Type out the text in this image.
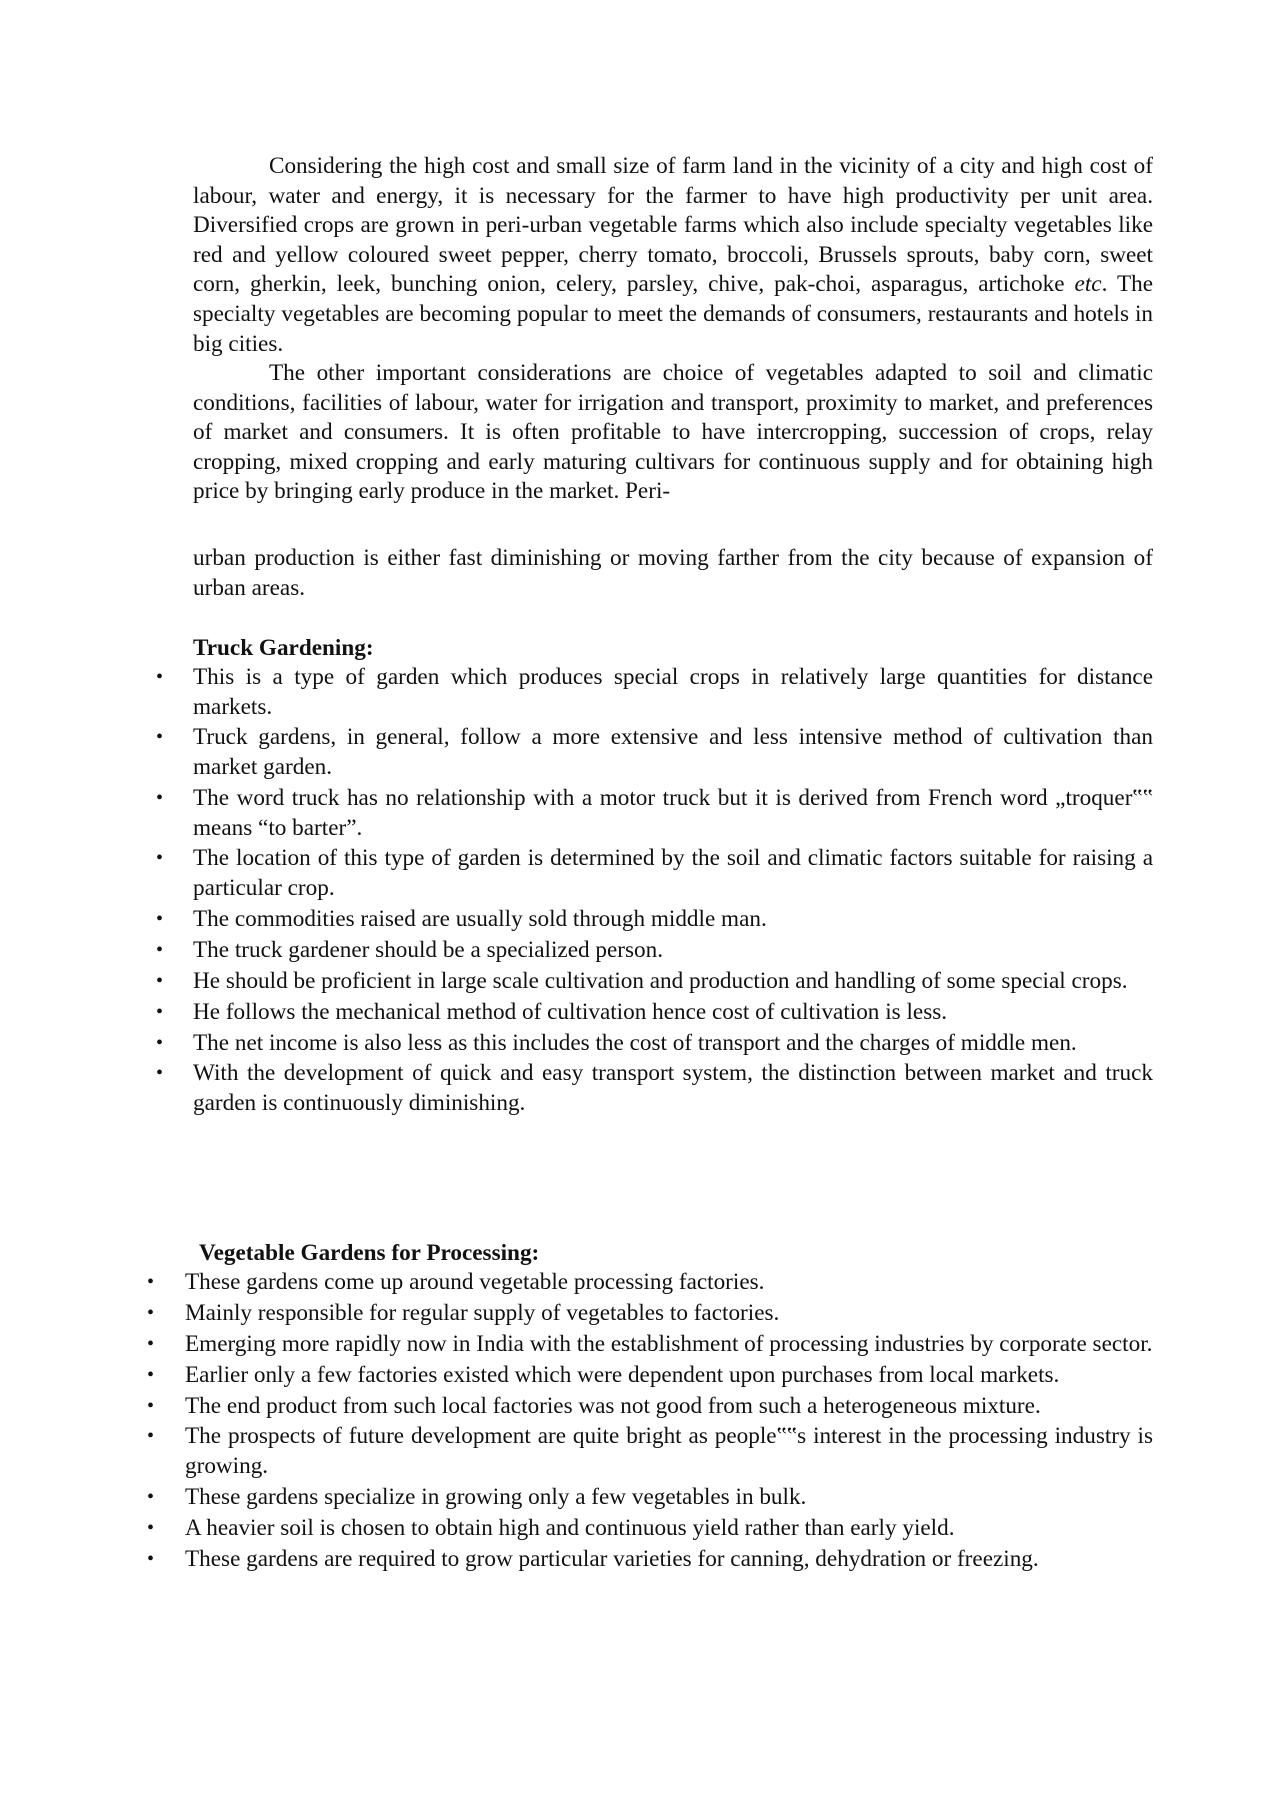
Considering the high cost and small size of farm land in the vicinity of a city and high cost of labour, water and energy, it is necessary for the farmer to have high productivity per unit area. Diversified crops are grown in peri-urban vegetable farms which also include specialty vegetables like red and yellow coloured sweet pepper, cherry tomato, broccoli, Brussels sprouts, baby corn, sweet corn, gherkin, leek, bunching onion, celery, parsley, chive, pak-choi, asparagus, artichoke etc. The specialty vegetables are becoming popular to meet the demands of consumers, restaurants and hotels in big cities.

The other important considerations are choice of vegetables adapted to soil and climatic conditions, facilities of labour, water for irrigation and transport, proximity to market, and preferences of market and consumers. It is often profitable to have intercropping, succession of crops, relay cropping, mixed cropping and early maturing cultivars for continuous supply and for obtaining high price by bringing early produce in the market. Peri-

urban production is either fast diminishing or moving farther from the city because of expansion of urban areas.

Truck Gardening:
• This is a type of garden which produces special crops in relatively large quantities for distance markets.
• Truck gardens, in general, follow a more extensive and less intensive method of cultivation than market garden.
• The word truck has no relationship with a motor truck but it is derived from French word „troquer‟‟ means “to barter”.
• The location of this type of garden is determined by the soil and climatic factors suitable for raising a particular crop.
• The commodities raised are usually sold through middle man.
• The truck gardener should be a specialized person.
• He should be proficient in large scale cultivation and production and handling of some special crops.
• He follows the mechanical method of cultivation hence cost of cultivation is less.
• The net income is also less as this includes the cost of transport and the charges of middle men.
• With the development of quick and easy transport system, the distinction between market and truck garden is continuously diminishing.
Vegetable Gardens for Processing:
• These gardens come up around vegetable processing factories.
• Mainly responsible for regular supply of vegetables to factories.
• Emerging more rapidly now in India with the establishment of processing industries by corporate sector.
• Earlier only a few factories existed which were dependent upon purchases from local markets.
• The end product from such local factories was not good from such a heterogeneous mixture.
• The prospects of future development are quite bright as people‟‟s interest in the processing industry is growing.
• These gardens specialize in growing only a few vegetables in bulk.
• A heavier soil is chosen to obtain high and continuous yield rather than early yield.
• These gardens are required to grow particular varieties for canning, dehydration or freezing.
